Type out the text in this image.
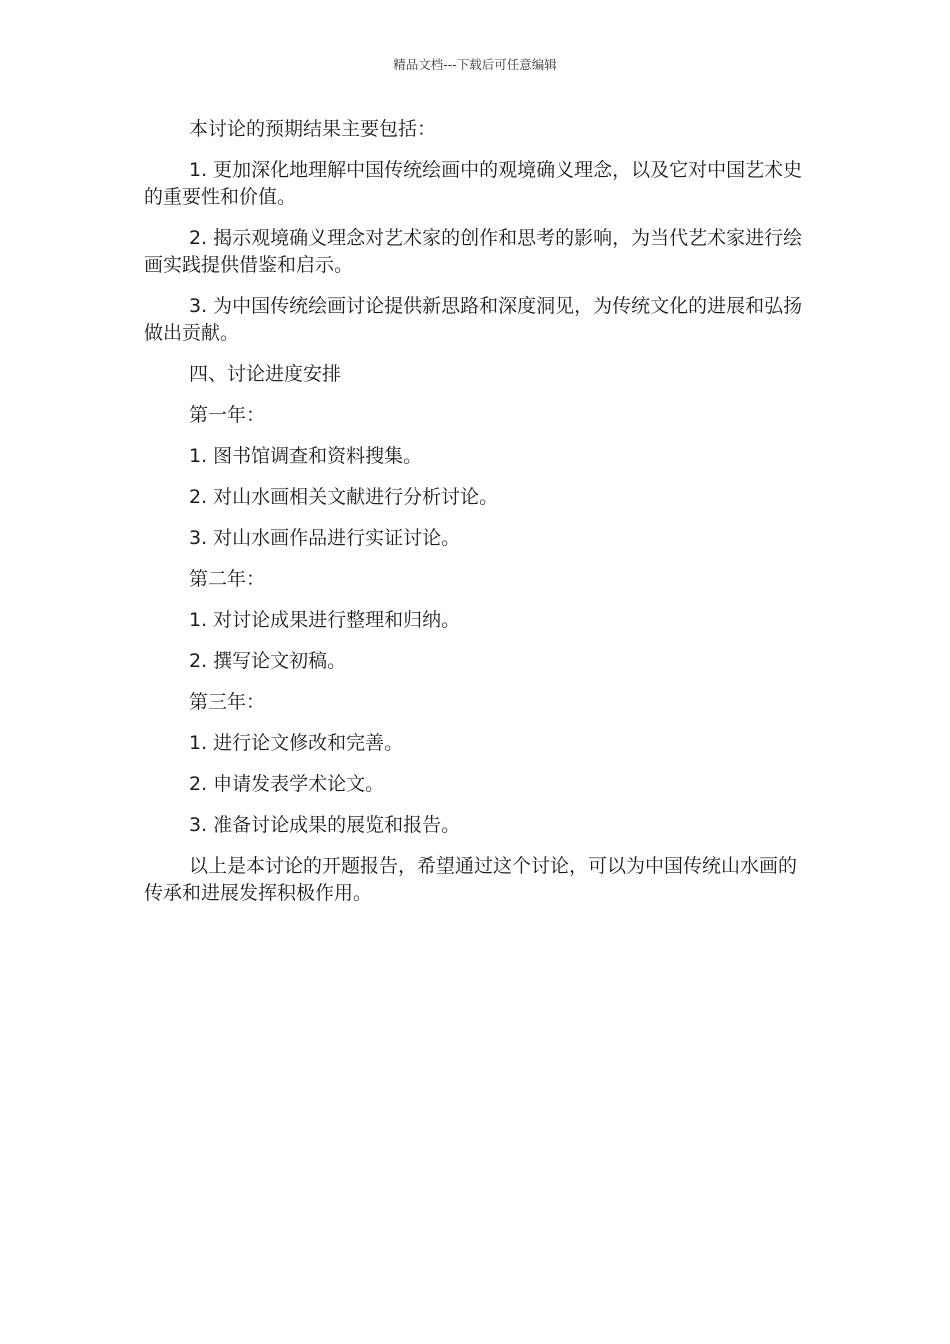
精品文档---下载后可任意编辑

本讨论的预期结果主要包括：

1. 更加深化地理解中国传统绘画中的观境确义理念，以及它对中国艺术史的重要性和价值。

2. 揭示观境确义理念对艺术家的创作和思考的影响，为当代艺术家进行绘画实践提供借鉴和启示。

3. 为中国传统绘画讨论提供新思路和深度洞见，为传统文化的进展和弘扬做出贡献。

四、讨论进度安排

第一年：

1. 图书馆调查和资料搜集。

2. 对山水画相关文献进行分析讨论。

3. 对山水画作品进行实证讨论。

第二年：

1. 对讨论成果进行整理和归纳。

2. 撰写论文初稿。

第三年：

1. 进行论文修改和完善。

2. 申请发表学术论文。

3. 准备讨论成果的展览和报告。

以上是本讨论的开题报告，希望通过这个讨论，可以为中国传统山水画的传承和进展发挥积极作用。
